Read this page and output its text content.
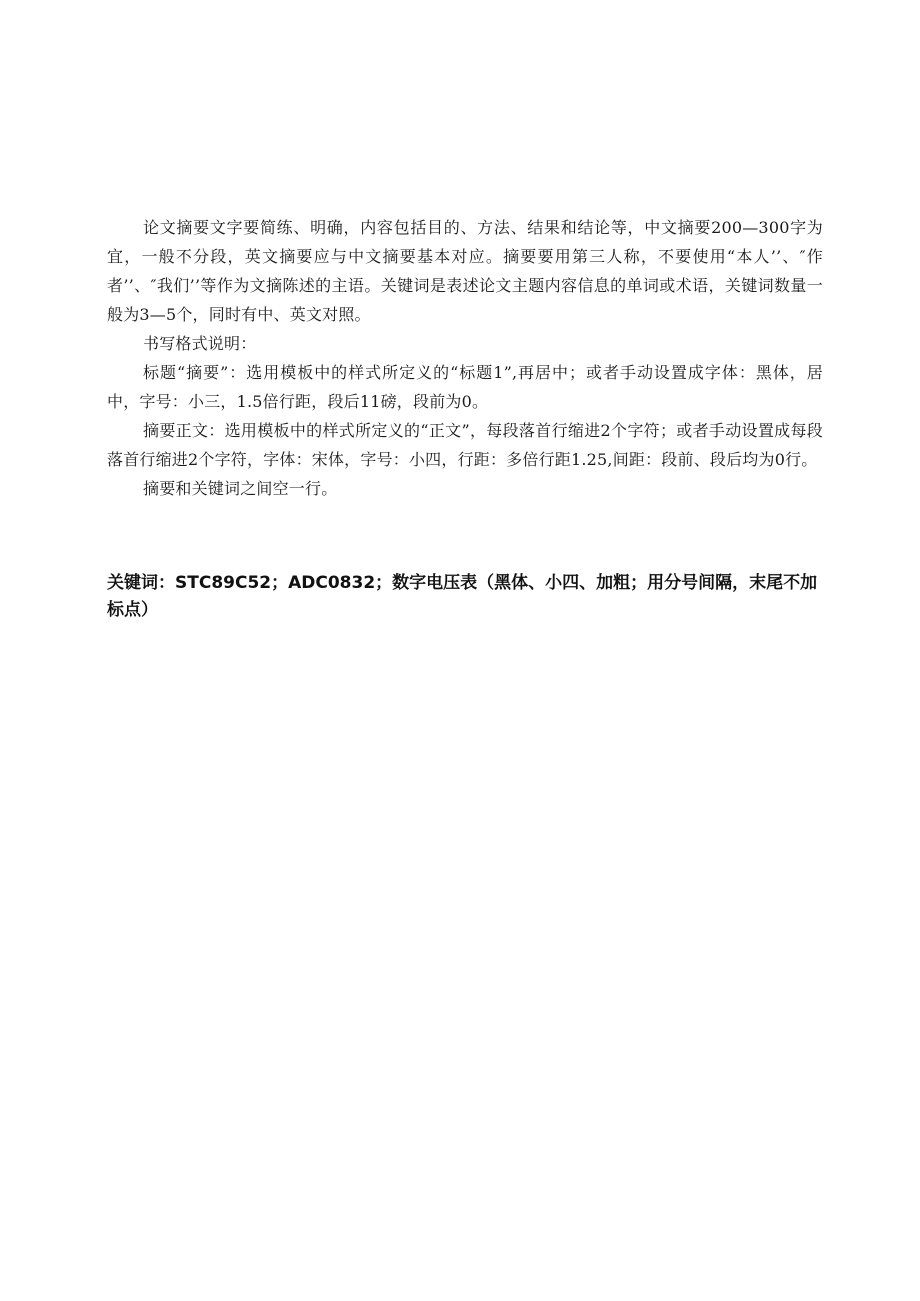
论文摘要文字要简练、明确，内容包括目的、方法、结果和结论等，中文摘要200—300字为宜，一般不分段，英文摘要应与中文摘要基本对应。摘要要用第三人称，不要使用“本人’’、″作者’’、″我们’’等作为文摘陈述的主语。关键词是表述论文主题内容信息的单词或术语，关键词数量一般为3—5个，同时有中、英文对照。

书写格式说明：

标题“摘要”：选用模板中的样式所定义的“标题1”,再居中；或者手动设置成字体：黑体，居中，字号：小三，1.5倍行距，段后11磅，段前为0。

摘要正文：选用模板中的样式所定义的“正文”，每段落首行缩进2个字符；或者手动设置成每段落首行缩进2个字符，字体：宋体，字号：小四，行距：多倍行距1.25,间距：段前、段后均为0行。

摘要和关键词之间空一行。

关键词：STC89C52；ADC0832；数字电压表（黑体、小四、加粗；用分号间隔，末尾不加标点）
